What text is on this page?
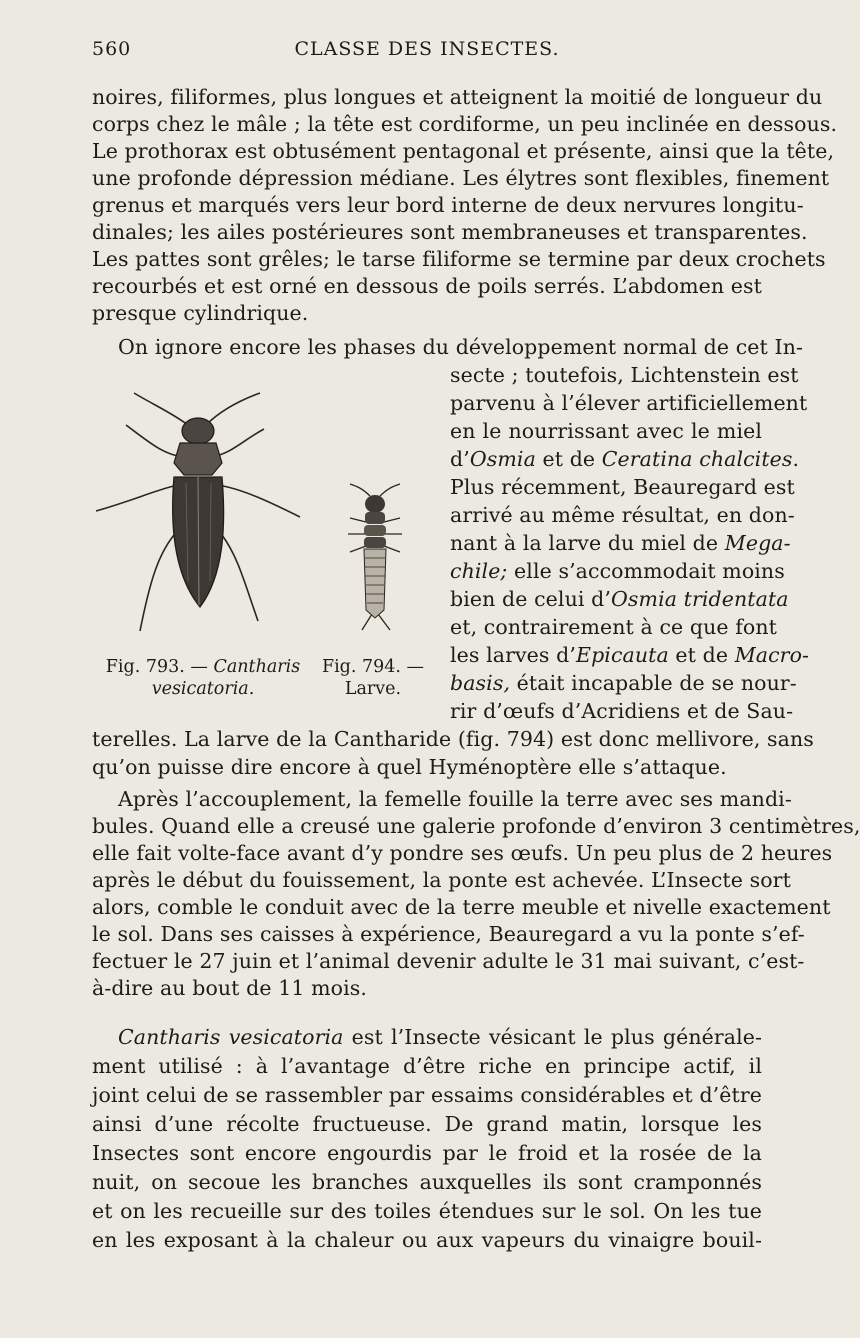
560	CLASSE DES INSECTES.
noires, filiformes, plus longues et atteignent la moitié de longueur du
corps chez le mâle ; la tête est cordiforme, un peu inclinée en dessous.
Le prothorax est obtusément pentagonal et présente, ainsi que la tête,
une profonde dépression médiane. Les élytres sont flexibles, finement
grenus et marqués vers leur bord interne de deux nervures longitu-
dinales; les ailes postérieures sont membraneuses et transparentes.
Les pattes sont grêles; le tarse filiforme se termine par deux crochets
recourbés et est orné en dessous de poils serrés. L’abdomen est
presque cylindrique.
On ignore encore les phases du développement normal de cet In-
secte ; toutefois, Lichtenstein est
parvenu à l’élever artificiellement
en le nourrissant avec le miel
d’Osmia et de Ceratina chalcites.
Plus récemment, Beauregard est
arrivé au même résultat, en don-
nant à la larve du miel de Mega-
chile; elle s’accommodait moins
bien de celui d’Osmia tridentata
et, contrairement à ce que font
les larves d’Epicauta et de Macro-
basis, était incapable de se nour-
rir d’œufs d’Acridiens et de Sau-
terelles. La larve de la Cantharide (fig. 794) est donc mellivore, sans
qu’on puisse dire encore à quel Hyménoptère elle s’attaque.
Fig. 793. — Cantharis
vesicatoria.
Fig. 794. —
Larve.
Après l’accouplement, la femelle fouille la terre avec ses mandi-
bules. Quand elle a creusé une galerie profonde d’environ 3 centimètres,
elle fait volte-face avant d’y pondre ses œufs. Un peu plus de 2 heures
après le début du fouissement, la ponte est achevée. L’Insecte sort
alors, comble le conduit avec de la terre meuble et nivelle exactement
le sol. Dans ses caisses à expérience, Beauregard a vu la ponte s’ef-
fectuer le 27 juin et l’animal devenir adulte le 31 mai suivant, c’est-
à-dire au bout de 11 mois.
Cantharis vesicatoria est l’Insecte vésicant le plus générale-
ment utilisé : à l’avantage d’être riche en principe actif, il
joint celui de se rassembler par essaims considérables et d’être
ainsi d’une récolte fructueuse. De grand matin, lorsque les
Insectes sont encore engourdis par le froid et la rosée de la
nuit, on secoue les branches auxquelles ils sont cramponnés
et on les recueille sur des toiles étendues sur le sol. On les tue
en les exposant à la chaleur ou aux vapeurs du vinaigre bouil-
